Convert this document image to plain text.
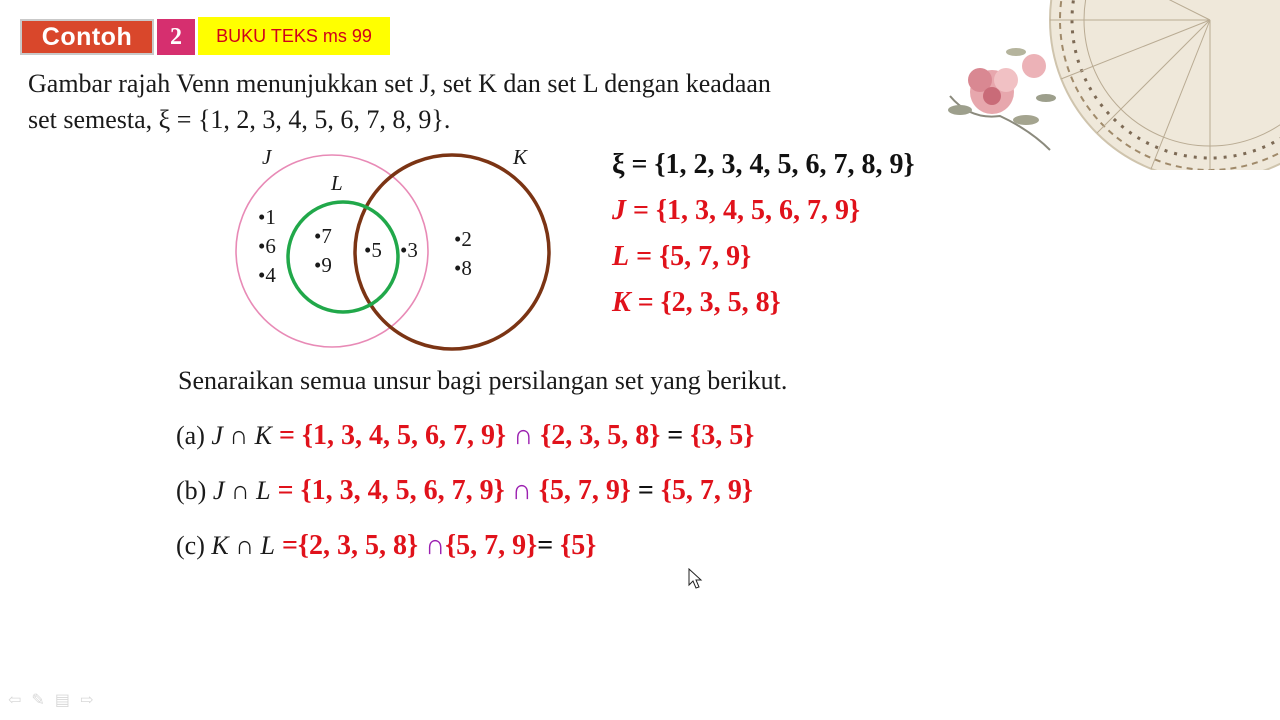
Contoh	2	BUKU TEKS ms 99
Gambar rajah Venn menunjukkan set J, set K dan set L dengan keadaan
set semesta, ξ = {1, 2, 3, 4, 5, 6, 7, 8, 9}.
J	K
L
•1
•6
•4
•7
•9
•5 •3 •2
•8
ξ = {1, 2, 3, 4, 5, 6, 7, 8, 9}
J = {1, 3, 4, 5, 6, 7, 9}
L = {5, 7, 9}
K = {2, 3, 5, 8}
Senaraikan semua unsur bagi persilangan set yang berikut.
(a) J ∩ K = {1, 3, 4, 5, 6, 7, 9} ∩ {2, 3, 5, 8} = {3, 5}
(b) J ∩ L = {1, 3, 4, 5, 6, 7, 9} ∩ {5, 7, 9} = {5, 7, 9}
(c) K ∩ L ={2, 3, 5, 8} ∩{5, 7, 9}= {5}
⇦✎▤⇨
